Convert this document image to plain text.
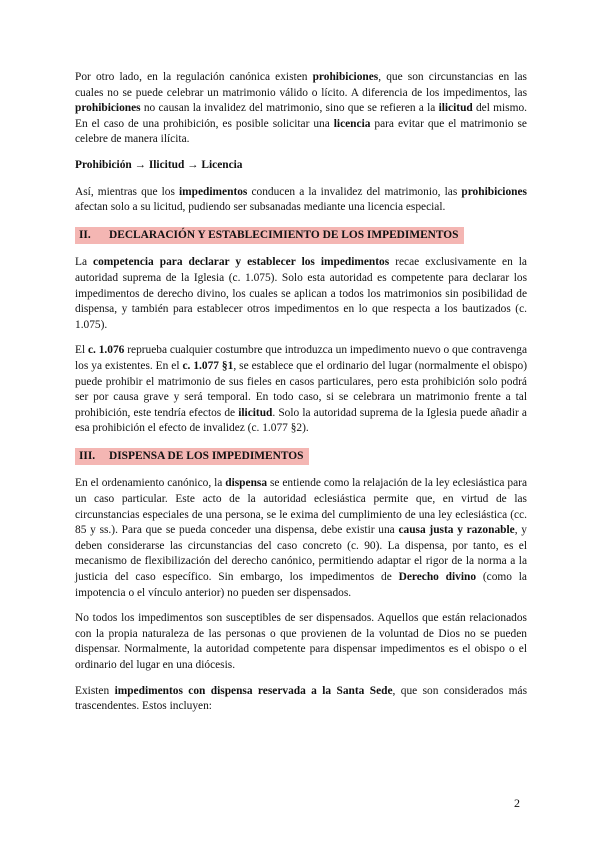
Por otro lado, en la regulación canónica existen prohibiciones, que son circunstancias en las cuales no se puede celebrar un matrimonio válido o lícito. A diferencia de los impedimentos, las prohibiciones no causan la invalidez del matrimonio, sino que se refieren a la ilicitud del mismo. En el caso de una prohibición, es posible solicitar una licencia para evitar que el matrimonio se celebre de manera ilícita.

Prohibición → Ilicitud → Licencia

Así, mientras que los impedimentos conducen a la invalidez del matrimonio, las prohibiciones afectan solo a su licitud, pudiendo ser subsanadas mediante una licencia especial.

II. DECLARACIÓN Y ESTABLECIMIENTO DE LOS IMPEDIMENTOS

La competencia para declarar y establecer los impedimentos recae exclusivamente en la autoridad suprema de la Iglesia (c. 1.075). Solo esta autoridad es competente para declarar los impedimentos de derecho divino, los cuales se aplican a todos los matrimonios sin posibilidad de dispensa, y también para establecer otros impedimentos en lo que respecta a los bautizados (c. 1.075).

El c. 1.076 reprueba cualquier costumbre que introduzca un impedimento nuevo o que contravenga los ya existentes. En el c. 1.077 §1, se establece que el ordinario del lugar (normalmente el obispo) puede prohibir el matrimonio de sus fieles en casos particulares, pero esta prohibición solo podrá ser por causa grave y será temporal. En todo caso, si se celebrara un matrimonio frente a tal prohibición, este tendría efectos de ilicitud. Solo la autoridad suprema de la Iglesia puede añadir a esa prohibición el efecto de invalidez (c. 1.077 §2).

III. DISPENSA DE LOS IMPEDIMENTOS

En el ordenamiento canónico, la dispensa se entiende como la relajación de la ley eclesiástica para un caso particular. Este acto de la autoridad eclesiástica permite que, en virtud de las circunstancias especiales de una persona, se le exima del cumplimiento de una ley eclesiástica (cc. 85 y ss.). Para que se pueda conceder una dispensa, debe existir una causa justa y razonable, y deben considerarse las circunstancias del caso concreto (c. 90). La dispensa, por tanto, es el mecanismo de flexibilización del derecho canónico, permitiendo adaptar el rigor de la norma a la justicia del caso específico. Sin embargo, los impedimentos de Derecho divino (como la impotencia o el vínculo anterior) no pueden ser dispensados.

No todos los impedimentos son susceptibles de ser dispensados. Aquellos que están relacionados con la propia naturaleza de las personas o que provienen de la voluntad de Dios no se pueden dispensar. Normalmente, la autoridad competente para dispensar impedimentos es el obispo o el ordinario del lugar en una diócesis.

Existen impedimentos con dispensa reservada a la Santa Sede, que son considerados más trascendentes. Estos incluyen:

2
